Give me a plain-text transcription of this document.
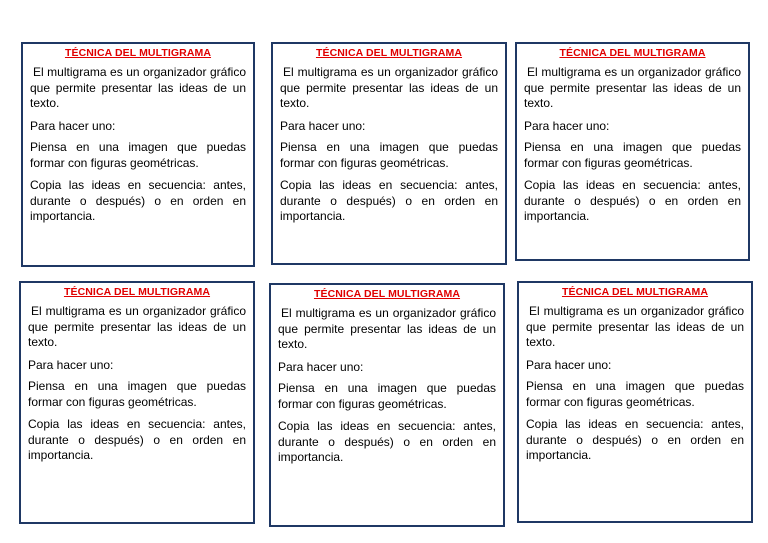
TÉCNICA DEL MULTIGRAMA

El multigrama es un organizador gráfico que permite presentar las ideas de un texto.

Para hacer uno:

Piensa en una imagen que puedas formar con figuras geométricas.

Copia las ideas en secuencia: antes, durante o después) o en orden en importancia.

TÉCNICA DEL MULTIGRAMA

El multigrama es un organizador gráfico que permite presentar las ideas de un texto.

Para hacer uno:

Piensa en una imagen que puedas formar con figuras geométricas.

Copia las ideas en secuencia: antes, durante o después) o en orden en importancia.

TÉCNICA DEL MULTIGRAMA

El multigrama es un organizador gráfico que permite presentar las ideas de un texto.

Para hacer uno:

Piensa en una imagen que puedas formar con figuras geométricas.

Copia las ideas en secuencia: antes, durante o después) o en orden en importancia.

TÉCNICA DEL MULTIGRAMA

El multigrama es un organizador gráfico que permite presentar las ideas de un texto.

Para hacer uno:

Piensa en una imagen que puedas formar con figuras geométricas.

Copia las ideas en secuencia: antes, durante o después) o en orden en importancia.

TÉCNICA DEL MULTIGRAMA

El multigrama es un organizador gráfico que permite presentar las ideas de un texto.

Para hacer uno:

Piensa en una imagen que puedas formar con figuras geométricas.

Copia las ideas en secuencia: antes, durante o después) o en orden en importancia.

TÉCNICA DEL MULTIGRAMA

El multigrama es un organizador gráfico que permite presentar las ideas de un texto.

Para hacer uno:

Piensa en una imagen que puedas formar con figuras geométricas.

Copia las ideas en secuencia: antes, durante o después) o en orden en importancia.
